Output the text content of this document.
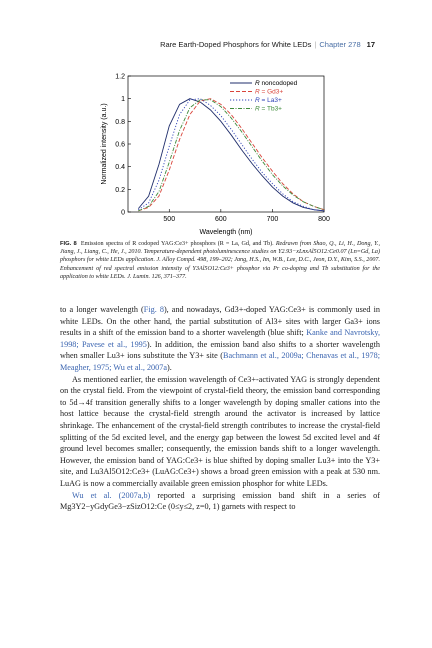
Rare Earth-Doped Phosphors for White LEDs | Chapter 278 17
500	600	700	800
0
0.2
0.4
0.6
0.8
1
1.2
R noncodoped
R = Gd3+
R = La3+
R = Tb3+
Wavelength (nm)
Normalized intensity (a.u.)
FIG. 8 Emission spectra of R codoped YAG:Ce3+ phosphors (R = La, Gd, and Tb). Redrawn from Shao, Q., Li, H., Dong, Y., Jiang, J., Liang, C., He, J., 2010. Temperature-dependent photoluminescence studies on Y2.93−xLnxAl5O12:Ce0.07 (Ln=Gd, La) phosphors for white LEDs application. J. Alloy Compd. 498, 199–202; Jang, H.S., Im, W.B., Lee, D.C., Jeon, D.Y., Kim, S.S., 2007. Enhancement of red spectral emission intensity of Y3Al5O12:Ce3+ phosphor via Pr co-doping and Tb substitution for the application to white LEDs. J. Lumin. 126, 371–377.

to a longer wavelength (Fig. 8), and nowadays, Gd3+-doped YAG:Ce3+ is commonly used in white LEDs. On the other hand, the partial substitution of Al3+ sites with larger Ga3+ ions results in a shift of the emission band to a shorter wavelength (blue shift; Kanke and Navrotsky, 1998; Pavese et al., 1995). In addition, the emission band also shifts to a shorter wavelength when smaller Lu3+ ions substitute the Y3+ site (Bachmann et al., 2009a; Chenavas et al., 1978; Meagher, 1975; Wu et al., 2007a).

As mentioned earlier, the emission wavelength of Ce3+-activated YAG is strongly dependent on the crystal field. From the viewpoint of crystal-field theory, the emission band corresponding to 5d→4f transition generally shifts to a longer wavelength by doping smaller cations into the host lattice because the crystal-field strength around the activator is increased by lattice shrinkage. The enhancement of the crystal-field strength contributes to increase the crystal-field splitting of the 5d excited level, and the energy gap between the lowest 5d excited level and 4f ground level becomes smaller; consequently, the emission bands shift to a longer wavelength. However, the emission band of YAG:Ce3+ is blue shifted by doping smaller Lu3+ into the Y3+ site, and Lu3Al5O12:Ce3+ (LuAG:Ce3+) shows a broad green emission with a peak at 530 nm. LuAG is now a commercially available green emission phosphor for white LEDs.

Wu et al. (2007a,b) reported a surprising emission band shift in a series of Mg3Y2−yGdyGe3−zSizO12:Ce (0≤y≤2, z=0, 1) garnets with respect to
